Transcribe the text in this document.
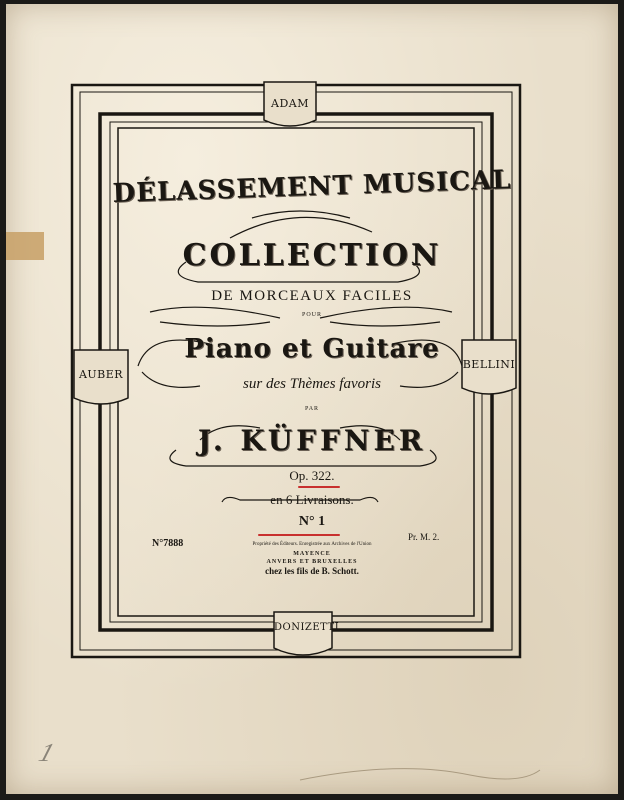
ADAM
AUBER
BELLINI
DONIZETTI
DÉLASSEMENT MUSICAL
COLLECTION
DE MORCEAUX FACILES
POUR
Piano et Guitare
sur des Thèmes favoris
PAR
J. KÜFFNER
Op. 322.
en 6 Livraisons.
N° 1
N°7888	Propriété des Éditeurs. Enregistrée aux Archives de l'Union
Pr. M. 2.
MAYENCE
ANVERS ET BRUXELLES
chez les fils de B. Schott.
1
